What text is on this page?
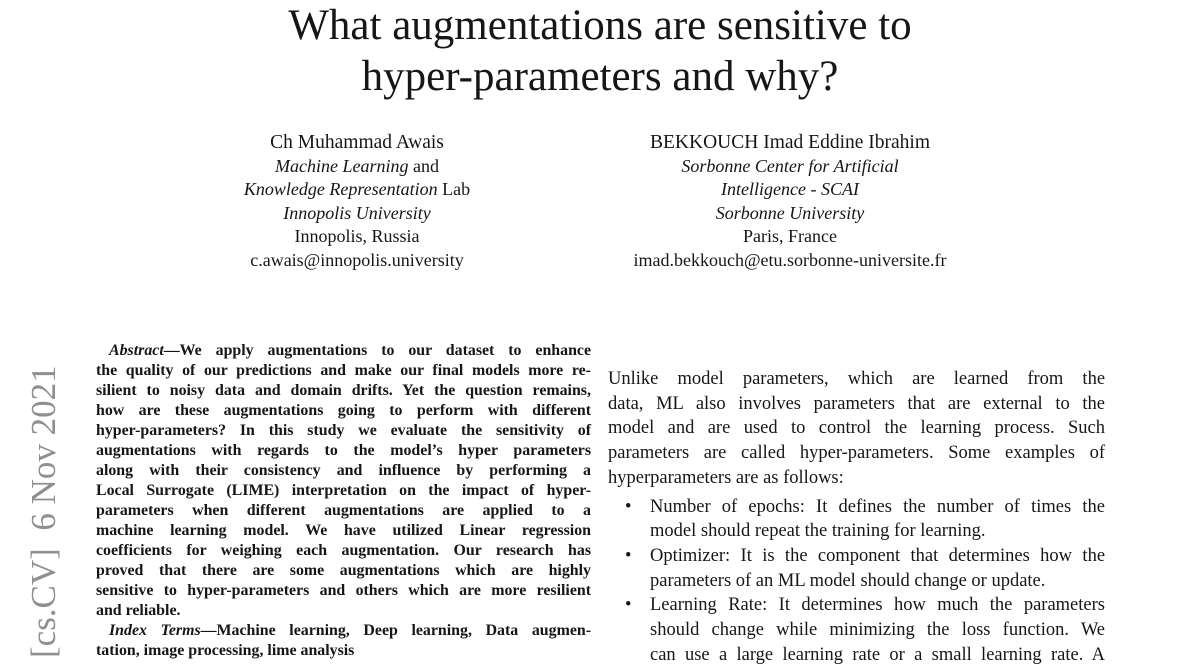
[cs.CV]  6 Nov 2021
What augmentations are sensitive to
hyper-parameters and why?
Ch Muhammad Awais
Machine Learning and
Knowledge Representation Lab
Innopolis University
Innopolis, Russia
c.awais@innopolis.university
BEKKOUCH Imad Eddine Ibrahim
Sorbonne Center for Artificial
Intelligence - SCAI
Sorbonne University
Paris, France
imad.bekkouch@etu.sorbonne-universite.fr
Abstract—We apply augmentations to our dataset to enhance
the quality of our predictions and make our final models more re-
silient to noisy data and domain drifts. Yet the question remains,
how are these augmentations going to perform with different
hyper-parameters? In this study we evaluate the sensitivity of
augmentations with regards to the model’s hyper parameters
along with their consistency and influence by performing a
Local Surrogate (LIME) interpretation on the impact of hyper-
parameters when different augmentations are applied to a
machine learning model. We have utilized Linear regression
coefficients for weighing each augmentation. Our research has
proved that there are some augmentations which are highly
sensitive to hyper-parameters and others which are more resilient
and reliable.
Index Terms—Machine learning, Deep learning, Data augmen-
tation, image processing, lime analysis
Unlike model parameters, which are learned from the
data, ML also involves parameters that are external to the
model and are used to control the learning process. Such
parameters are called hyper-parameters. Some examples of
hyperparameters are as follows:
•	Number of epochs: It defines the number of times the
model should repeat the training for learning.
•	Optimizer: It is the component that determines how the
parameters of an ML model should change or update.
•	Learning Rate: It determines how much the parameters
should change while minimizing the loss function. We
can use a large learning rate or a small learning rate. A
